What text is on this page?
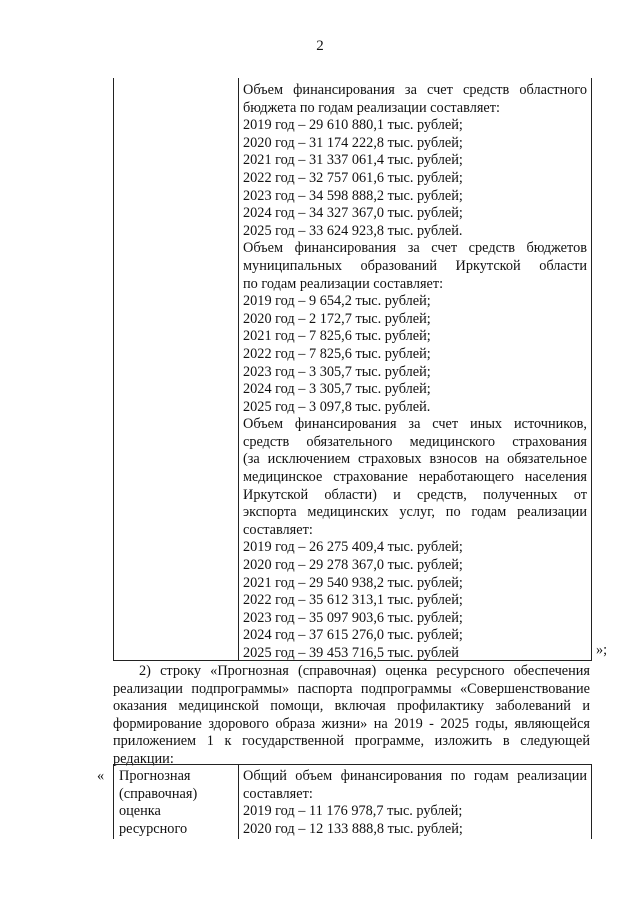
2
Объем финансирования за счет средств областного
бюджета по годам реализации составляет:
2019 год – 29 610 880,1 тыс. рублей;
2020 год – 31 174 222,8 тыс. рублей;
2021 год – 31 337 061,4 тыс. рублей;
2022 год – 32 757 061,6 тыс. рублей;
2023 год – 34 598 888,2 тыс. рублей;
2024 год – 34 327 367,0 тыс. рублей;
2025 год – 33 624 923,8 тыс. рублей.
Объем финансирования за счет средств бюджетов
муниципальных образований Иркутской области
по годам реализации составляет:
2019 год – 9 654,2 тыс. рублей;
2020 год – 2 172,7 тыс. рублей;
2021 год – 7 825,6 тыс. рублей;
2022 год – 7 825,6 тыс. рублей;
2023 год – 3 305,7 тыс. рублей;
2024 год – 3 305,7 тыс. рублей;
2025 год – 3 097,8 тыс. рублей.
Объем финансирования за счет иных источников,
средств обязательного медицинского страхования
(за исключением страховых взносов на обязательное
медицинское страхование неработающего населения
Иркутской области) и средств, полученных от
экспорта медицинских услуг, по годам реализации
составляет:
2019 год – 26 275 409,4 тыс. рублей;
2020 год – 29 278 367,0 тыс. рублей;
2021 год – 29 540 938,2 тыс. рублей;
2022 год – 35 612 313,1 тыс. рублей;
2023 год – 35 097 903,6 тыс. рублей;
2024 год – 37 615 276,0 тыс. рублей;
2025 год – 39 453 716,5 тыс. рублей	»;
2) строку «Прогнозная (справочная) оценка ресурсного обеспечения
реализации подпрограммы» паспорта подпрограммы «Совершенствование
оказания медицинской помощи, включая профилактику заболеваний и
формирование здорового образа жизни» на 2019 - 2025 годы, являющейся
приложением 1 к государственной программе, изложить в следующей
редакции:
« Прогнозная
(справочная)
оценка
ресурсного
Общий объем финансирования по годам реализации
составляет:
2019 год – 11 176 978,7 тыс. рублей;
2020 год – 12 133 888,8 тыс. рублей;
